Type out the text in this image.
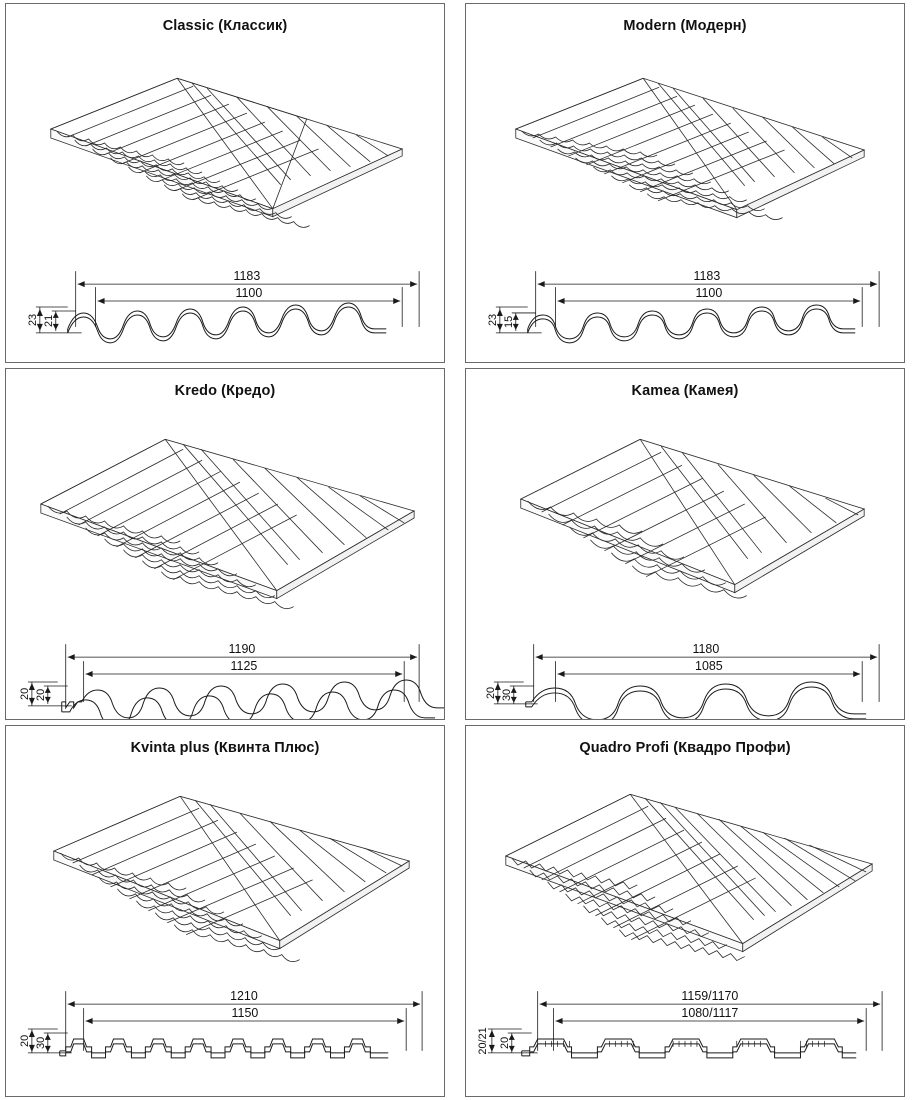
Classic (Классик)
1183
1100
23 21
Modern (Модерн)
1183
1100
23 15
Kredo (Кредо)
1190
1125
20 20
Kamea (Камея)
1180
1085
20 30
Kvinta plus (Квинта Плюс)
1210
1150
20 30
Quadro Profi (Квадро Профи)
1159/1170
1080/1117
20/21 20
